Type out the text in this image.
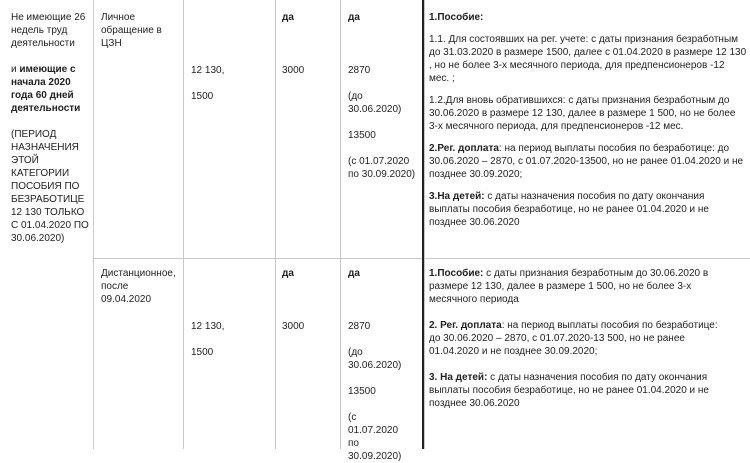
Не имеющие 26 недель труд деятельности

и имеющие с начала 2020 года 60 дней деятельности

(ПЕРИОД НАЗНАЧЕНИЯ ЭТОЙ КАТЕГОРИИ ПОСОБИЯ ПО БЕЗРАБОТИЦЕ 12 130 ТОЛЬКО С 01.04.2020 ПО 30.06.2020)

Личное обращение в ЦЗН

12 130,

1500

да

3000

да

2870

(до 30.06.2020)

13500

(с 01.07.2020 по 30.09.2020)

1.Пособие:

1.1. Для состоявших на рег. учете: с даты признания безработным до 31.03.2020 в размере 1500, далее с 01.04.2020 в размере 12 130 , но не более 3-х месячного периода, для предпенсионеров -12 мес. ;

1.2.Для вновь обратившихся: с даты признания безработным до 30.06.2020 в размере 12 130, далее в размере 1 500, но не более 3-х месячного периода, для предпенсионеров -12 мес.

2.Рег. доплата: на период выплаты пособия по безработице: до 30.06.2020 – 2870, с 01.07.2020-13500, но не ранее 01.04.2020 и не позднее 30.09.2020;

3.На детей: с даты назначения пособия по дату окончания выплаты пособия безработице, но не ранее 01.04.2020 и не позднее 30.06.2020

Дистанционное, после 09.04.2020

12 130,

1500

да

3000

да

2870

(до 30.06.2020)

13500

(с 01.07.2020 по 30.09.2020)

1.Пособие: с даты признания безработным до 30.06.2020 в размере 12 130, далее в размере 1 500, но не более 3-х месячного периода

2. Рег. доплата: на период выплаты пособия по безработице: до 30.06.2020 – 2870, с 01.07.2020-13 500, но не ранее 01.04.2020 и не позднее 30.09.2020;

3. На детей: с даты назначения пособия по дату окончания выплаты пособия безработице, но не ранее 01.04.2020 и не позднее 30.06.2020
